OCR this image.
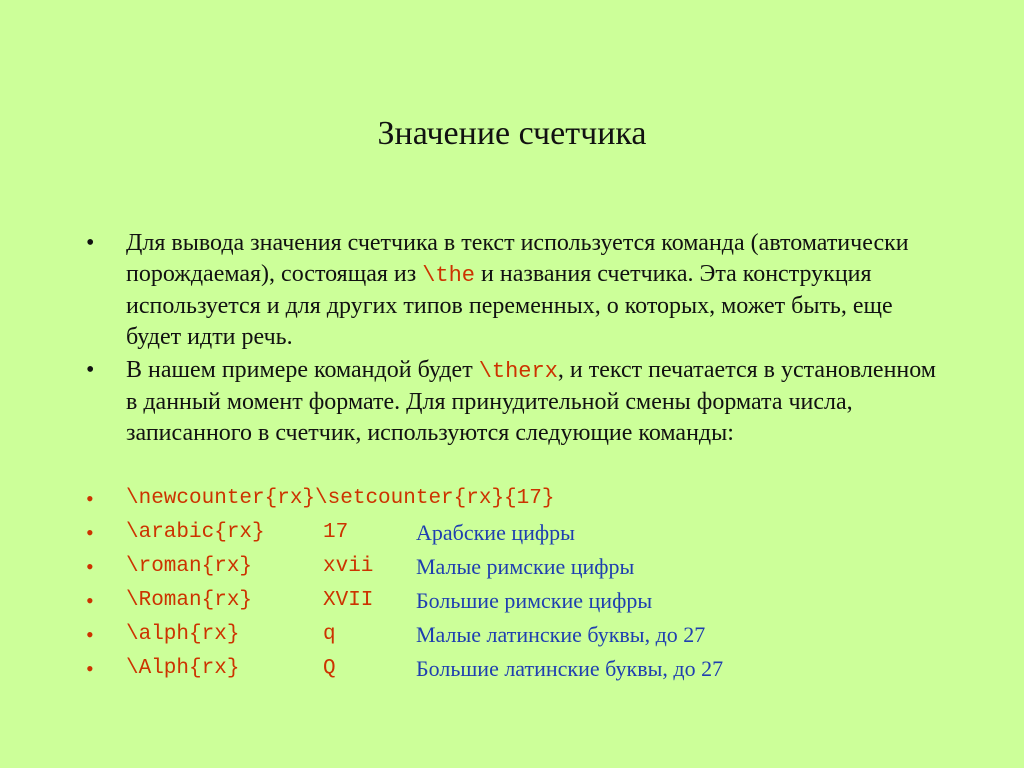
Значение счетчика
• Для вывода значения счетчика в текст используется команда (автоматически порождаемая), состоящая из \the и названия счетчика. Эта конструкция используется и для других типов переменных, о которых, может быть, еще будет идти речь.
• В нашем примере командой будет \therx, и текст печатается в установленном в данный момент формате. Для принудительной смены формата числа, записанного в счетчик, используются следующие команды:
• \newcounter{rx}\setcounter{rx}{17}
• \arabic{rx}	17	Арабские цифры
• \roman{rx}	xvii Малые римские цифры
• \Roman{rx}	XVII Большие римские цифры
• \alph{rx}	q	Малые латинские буквы, до 27
• \Alph{rx}	Q	Большие латинские буквы, до 27
